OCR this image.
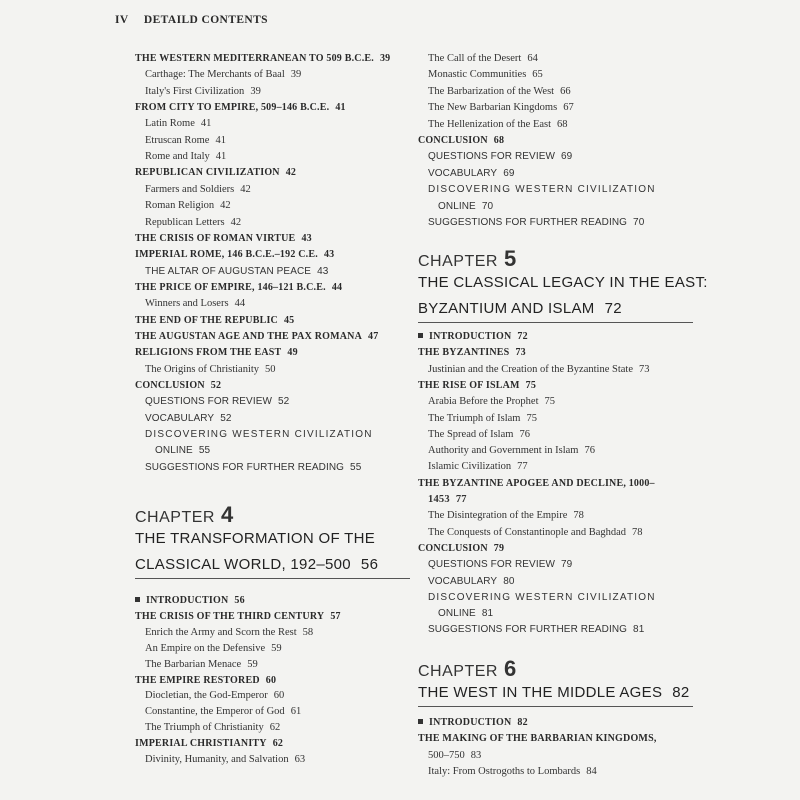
IV DETAILD CONTENTS

THE WESTERN MEDITERRANEAN TO 509 B.C.E. 39
Carthage: The Merchants of Baal 39
Italy's First Civilization 39
FROM CITY TO EMPIRE, 509–146 B.C.E. 41
Latin Rome 41
Etruscan Rome 41
Rome and Italy 41
REPUBLICAN CIVILIZATION 42
Farmers and Soldiers 42
Roman Religion 42
Republican Letters 42
THE CRISIS OF ROMAN VIRTUE 43
IMPERIAL ROME, 146 B.C.E.–192 C.E. 43
THE ALTAR OF AUGUSTAN PEACE 43
THE PRICE OF EMPIRE, 146–121 B.C.E. 44
Winners and Losers 44
THE END OF THE REPUBLIC 45
THE AUGUSTAN AGE AND THE PAX ROMANA 47
RELIGIONS FROM THE EAST 49
The Origins of Christianity 50
CONCLUSION 52
QUESTIONS FOR REVIEW 52
VOCABULARY 52
DISCOVERING WESTERN CIVILIZATION
ONLINE 55
SUGGESTIONS FOR FURTHER READING 55
CHAPTER 4
THE TRANSFORMATION OF THE
CLASSICAL WORLD, 192–500 56
INTRODUCTION 56
THE CRISIS OF THE THIRD CENTURY 57
Enrich the Army and Scorn the Rest 58
An Empire on the Defensive 59
The Barbarian Menace 59
THE EMPIRE RESTORED 60
Diocletian, the God-Emperor 60
Constantine, the Emperor of God 61
The Triumph of Christianity 62
IMPERIAL CHRISTIANITY 62
Divinity, Humanity, and Salvation 63
The Call of the Desert 64
Monastic Communities 65
The Barbarization of the West 66
The New Barbarian Kingdoms 67
The Hellenization of the East 68
CONCLUSION 68
QUESTIONS FOR REVIEW 69
VOCABULARY 69
DISCOVERING WESTERN CIVILIZATION
ONLINE 70
SUGGESTIONS FOR FURTHER READING 70
CHAPTER 5
THE CLASSICAL LEGACY IN THE EAST:
BYZANTIUM AND ISLAM 72
INTRODUCTION 72
THE BYZANTINES 73
Justinian and the Creation of the Byzantine State 73
THE RISE OF ISLAM 75
Arabia Before the Prophet 75
The Triumph of Islam 75
The Spread of Islam 76
Authority and Government in Islam 76
Islamic Civilization 77
THE BYZANTINE APOGEE AND DECLINE, 1000–
1453 77
The Disintegration of the Empire 78
The Conquests of Constantinople and Baghdad 78
CONCLUSION 79
QUESTIONS FOR REVIEW 79
VOCABULARY 80
DISCOVERING WESTERN CIVILIZATION
ONLINE 81
SUGGESTIONS FOR FURTHER READING 81
CHAPTER 6
THE WEST IN THE MIDDLE AGES 82
INTRODUCTION 82
THE MAKING OF THE BARBARIAN KINGDOMS,
500–750 83
Italy: From Ostrogoths to Lombards 84
